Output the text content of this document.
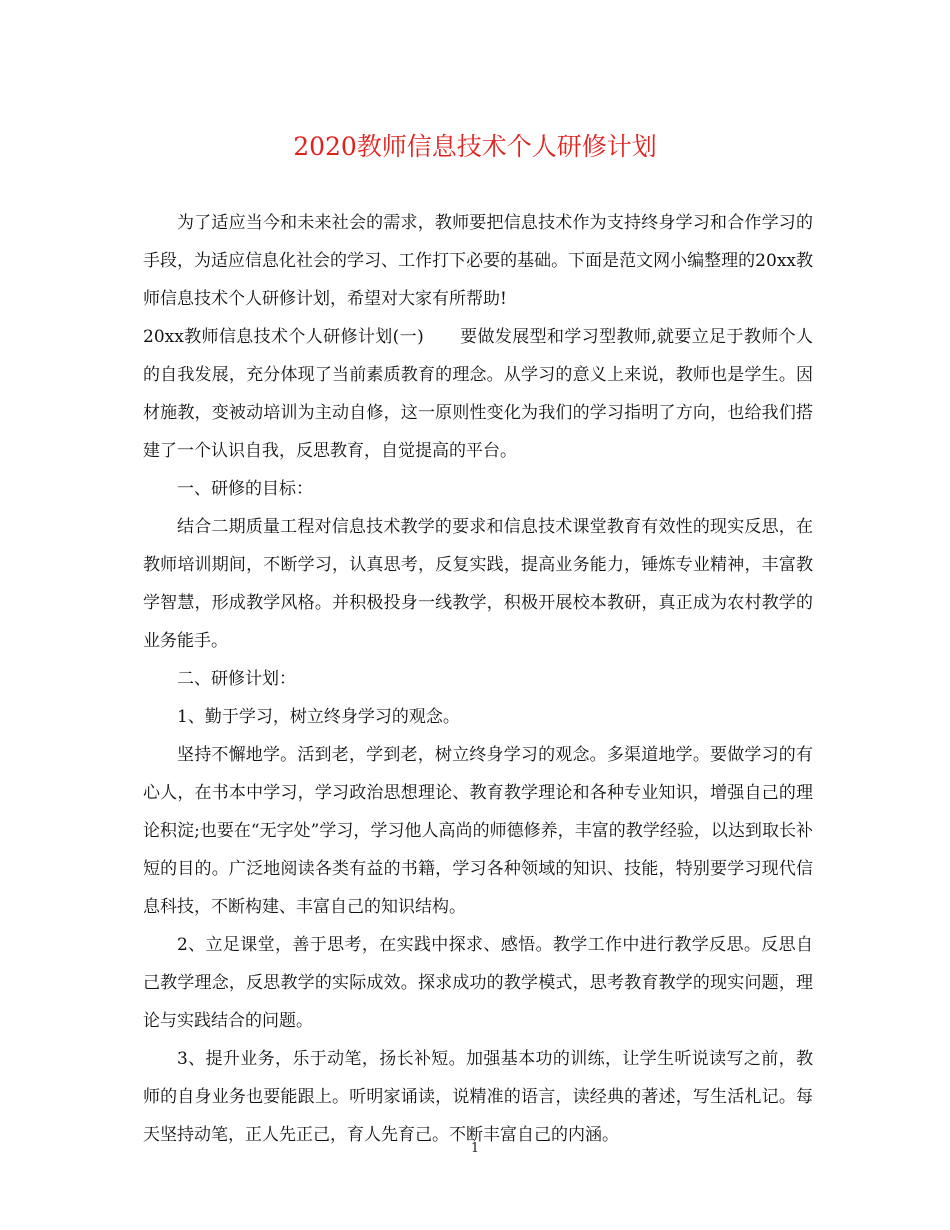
2020教师信息技术个人研修计划

为了适应当今和未来社会的需求，教师要把信息技术作为支持终身学习和合作学习的手段，为适应信息化社会的学习、工作打下必要的基础。下面是范文网小编整理的20xx教师信息技术个人研修计划，希望对大家有所帮助!

20xx教师信息技术个人研修计划(一) 要做发展型和学习型教师,就要立足于教师个人的自我发展，充分体现了当前素质教育的理念。从学习的意义上来说，教师也是学生。因材施教，变被动培训为主动自修，这一原则性变化为我们的学习指明了方向，也给我们搭建了一个认识自我，反思教育，自觉提高的平台。

一、研修的目标：

结合二期质量工程对信息技术教学的要求和信息技术课堂教育有效性的现实反思，在教师培训期间，不断学习，认真思考，反复实践，提高业务能力，锤炼专业精神，丰富教学智慧，形成教学风格。并积极投身一线教学，积极开展校本教研，真正成为农村教学的业务能手。

二、研修计划：

1、勤于学习，树立终身学习的观念。

坚持不懈地学。活到老，学到老，树立终身学习的观念。多渠道地学。要做学习的有心人，在书本中学习，学习政治思想理论、教育教学理论和各种专业知识，增强自己的理论积淀;也要在“无字处”学习，学习他人高尚的师德修养，丰富的教学经验，以达到取长补短的目的。广泛地阅读各类有益的书籍，学习各种领域的知识、技能，特别要学习现代信息科技，不断构建、丰富自己的知识结构。

2、立足课堂，善于思考，在实践中探求、感悟。教学工作中进行教学反思。反思自己教学理念，反思教学的实际成效。探求成功的教学模式，思考教育教学的现实问题，理论与实践结合的问题。

3、提升业务，乐于动笔，扬长补短。加强基本功的训练，让学生听说读写之前，教师的自身业务也要能跟上。听明家诵读，说精准的语言，读经典的著述，写生活札记。每天坚持动笔，正人先正己，育人先育己。不断丰富自己的内涵。

1
